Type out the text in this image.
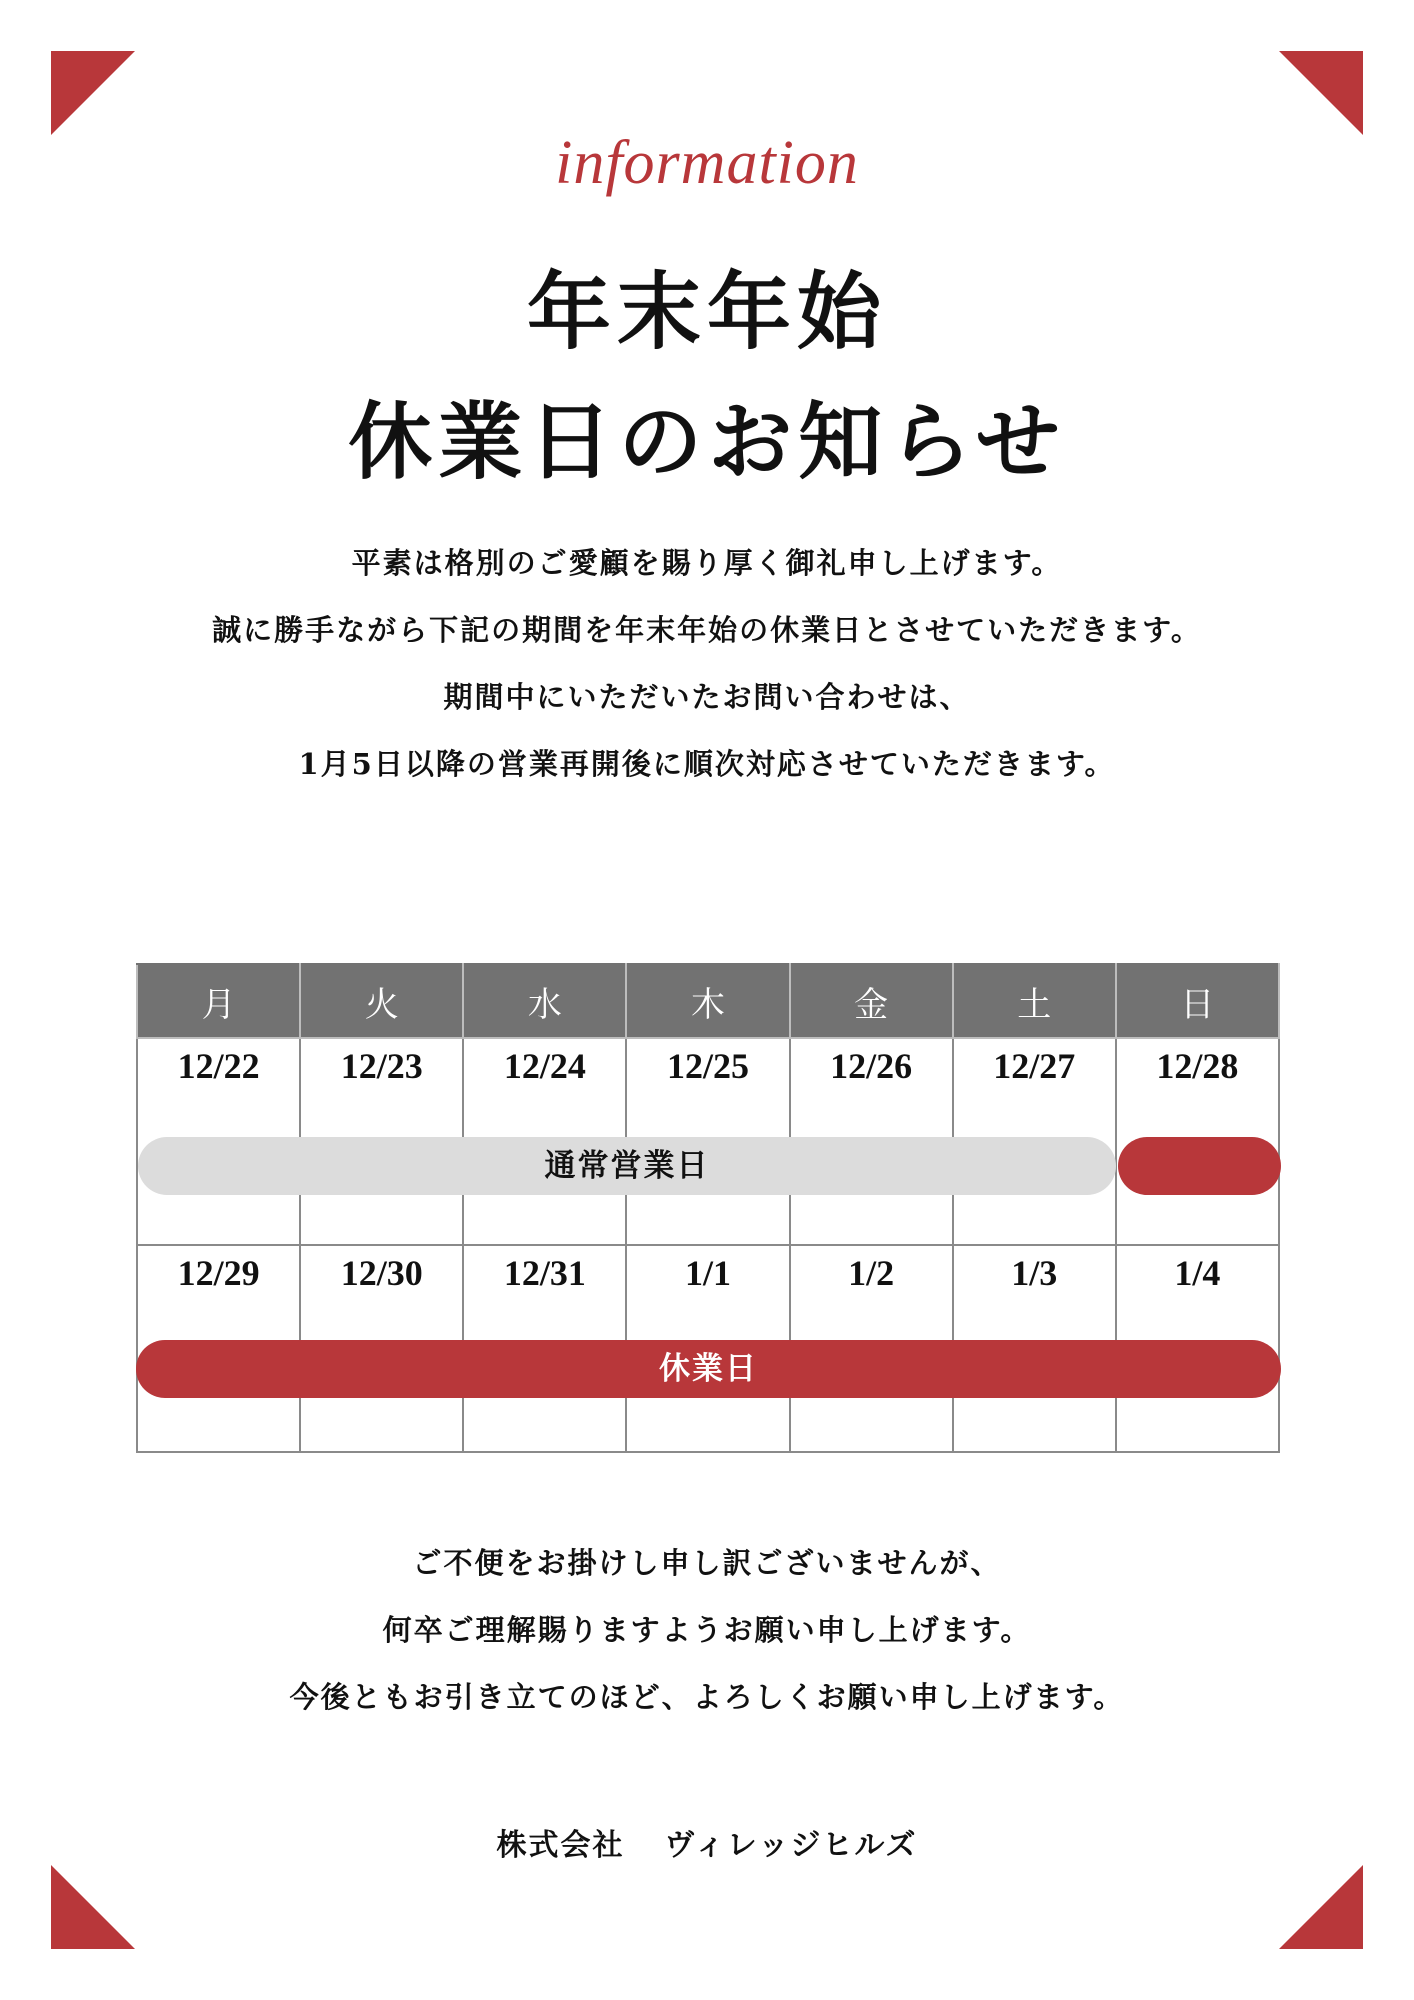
information
年末年始
休業日のお知らせ
平素は格別のご愛顧を賜り厚く御礼申し上げます。
誠に勝手ながら下記の期間を年末年始の休業日とさせていただきます。
期間中にいただいたお問い合わせは、
1月5日以降の営業再開後に順次対応させていただきます。
月	火	水	木	金	土	日
12/22	12/23	12/24	12/25	12/26	12/27	12/28
12/29	12/30	12/31	1/1	1/2	1/3	1/4
通常営業日
休業日
ご不便をお掛けし申し訳ございませんが、
何卒ご理解賜りますようお願い申し上げます。
今後ともお引き立てのほど、よろしくお願い申し上げます。
株式会社 ヴィレッジヒルズ
